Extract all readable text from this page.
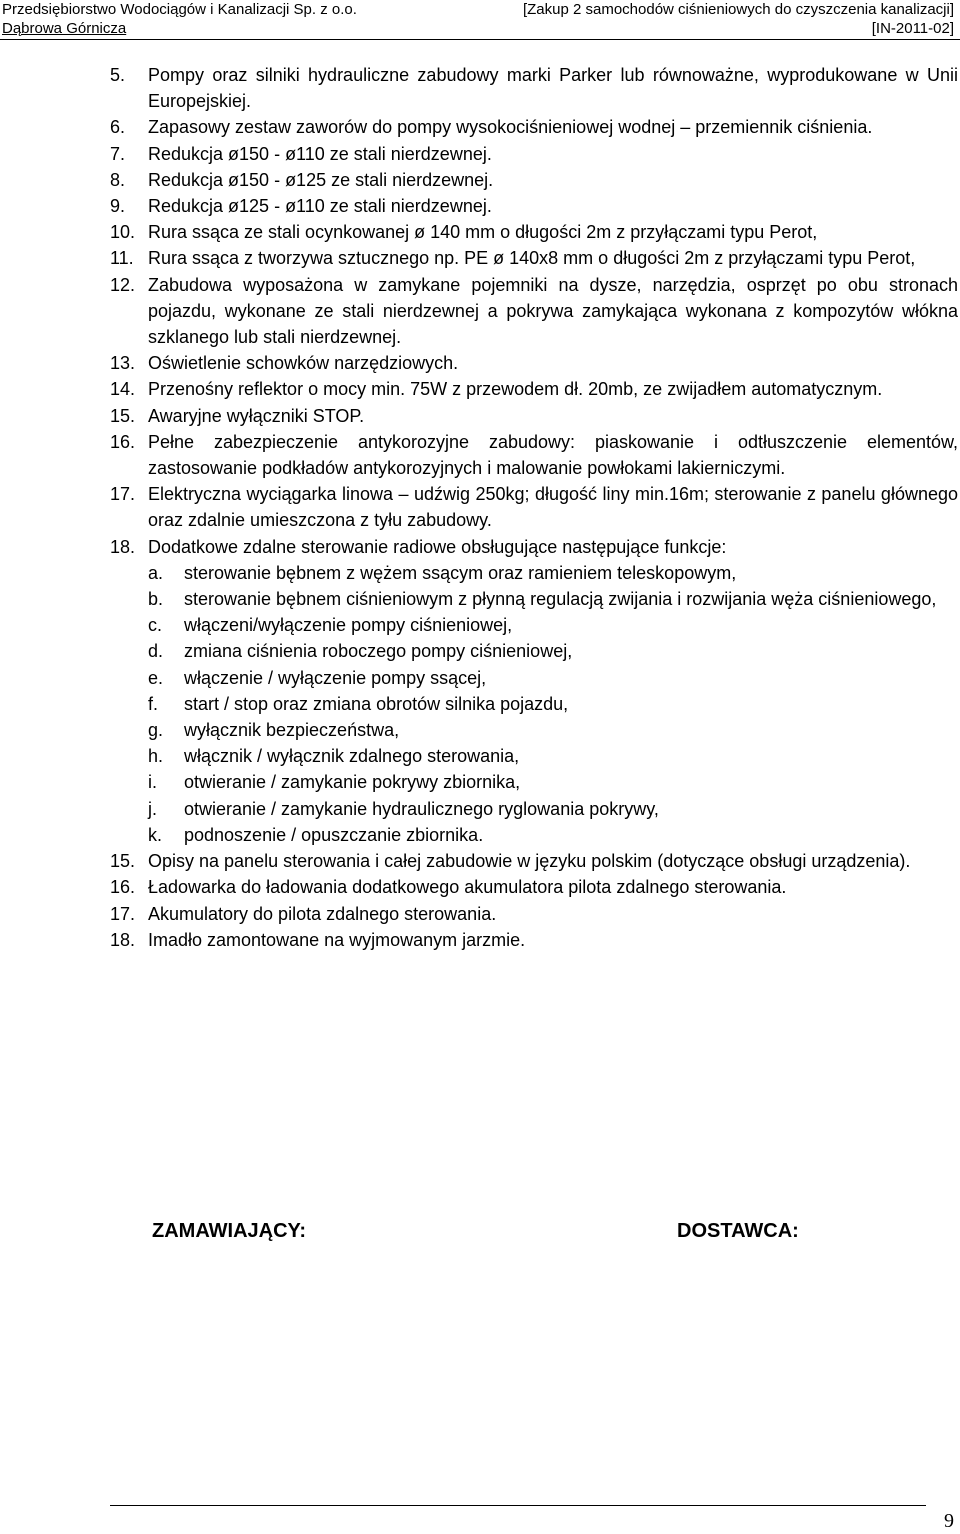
Przedsiębiorstwo Wodociągów i Kanalizacji Sp. z o.o.
Dąbrowa Górnicza
[Zakup 2 samochodów ciśnieniowych do czyszczenia kanalizacji]
[IN-2011-02]
5.	Pompy oraz silniki hydrauliczne zabudowy marki Parker lub równoważne, wyprodukowane w Unii Europejskiej.
6.	Zapasowy zestaw zaworów do pompy wysokociśnieniowej wodnej – przemiennik ciśnienia.
7.	Redukcja ø150 - ø110 ze stali nierdzewnej.
8.	Redukcja ø150 - ø125 ze stali nierdzewnej.
9.	Redukcja ø125 - ø110 ze stali nierdzewnej.
10. Rura ssąca ze stali ocynkowanej ø 140 mm o długości 2m z przyłączami typu Perot,
11. Rura ssąca z tworzywa sztucznego np. PE ø 140x8 mm o długości 2m z przyłączami typu Perot,
12. Zabudowa wyposażona w zamykane pojemniki na dysze, narzędzia, osprzęt po obu stronach pojazdu, wykonane ze stali nierdzewnej a pokrywa zamykająca wykonana z kompozytów włókna szklanego lub stali nierdzewnej.
13. Oświetlenie schowków narzędziowych.
14. Przenośny reflektor o mocy min. 75W z przewodem dł. 20mb, ze zwijadłem automatycznym.
15. Awaryjne wyłączniki STOP.
16. Pełne zabezpieczenie antykorozyjne zabudowy: piaskowanie i odtłuszczenie elementów, zastosowanie podkładów antykorozyjnych i malowanie powłokami lakierniczymi.
17. Elektryczna wyciągarka linowa – udźwig 250kg; długość liny min.16m; sterowanie z panelu głównego oraz zdalnie umieszczona z tyłu zabudowy.
18. Dodatkowe zdalne sterowanie radiowe obsługujące następujące funkcje:
a.	sterowanie bębnem z wężem ssącym oraz ramieniem teleskopowym,
b.	sterowanie bębnem ciśnieniowym z płynną regulacją zwijania i rozwijania węża ciśnieniowego,
c.	włączeni/wyłączenie pompy ciśnieniowej,
d.	zmiana ciśnienia roboczego pompy ciśnieniowej,
e.	włączenie / wyłączenie pompy ssącej,
f.	start / stop oraz zmiana obrotów silnika pojazdu,
g.	wyłącznik bezpieczeństwa,
h.	włącznik / wyłącznik zdalnego sterowania,
i.	otwieranie / zamykanie pokrywy zbiornika,
j.	otwieranie / zamykanie hydraulicznego ryglowania pokrywy,
k.	podnoszenie / opuszczanie zbiornika.
15. Opisy na panelu sterowania i całej zabudowie w języku polskim (dotyczące obsługi urządzenia).
16. Ładowarka do ładowania dodatkowego akumulatora pilota zdalnego sterowania.
17. Akumulatory do pilota zdalnego sterowania.
18. Imadło zamontowane na wyjmowanym jarzmie.
ZAMAWIAJĄCY:	DOSTAWCA:
9
